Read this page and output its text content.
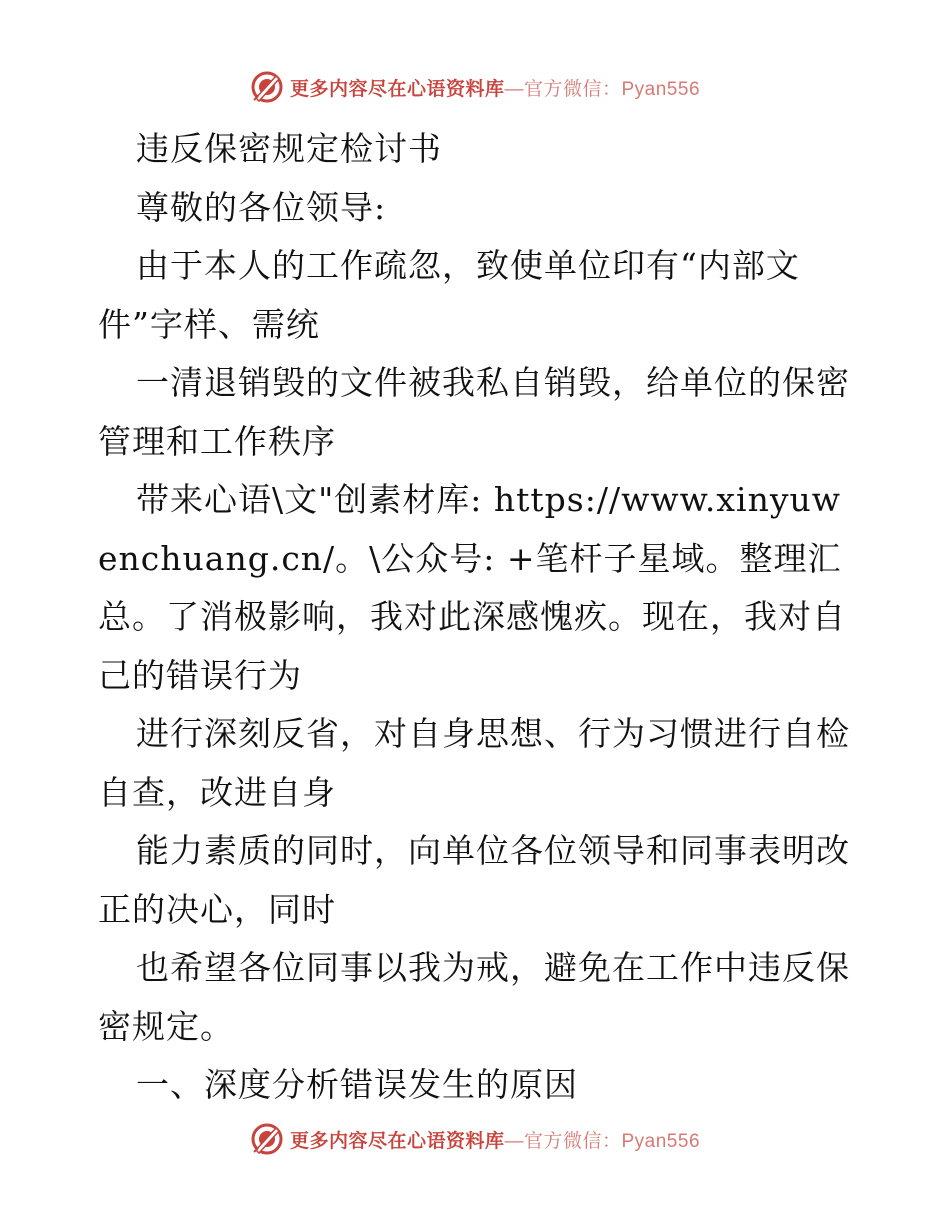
更多内容尽在心语资料库—官方微信：Pyan556

违反保密规定检讨书

尊敬的各位领导:

由于本人的工作疏忽，致使单位印有“内部文件”字样、需统

一清退销毁的文件被我私自销毁，给单位的保密管理和工作秩序

带来心语\文"创素材库: https://www.xinyuwenchuang.cn/。\公众号: +笔杆子星域。整理汇总。了消极影响，我对此深感愧疚。现在，我对自己的错误行为

进行深刻反省，对自身思想、行为习惯进行自检自查，改进自身

能力素质的同时，向单位各位领导和同事表明改正的决心，同时

也希望各位同事以我为戒，避免在工作中违反保密规定。

一、深度分析错误发生的原因

更多内容尽在心语资料库—官方微信：Pyan556
